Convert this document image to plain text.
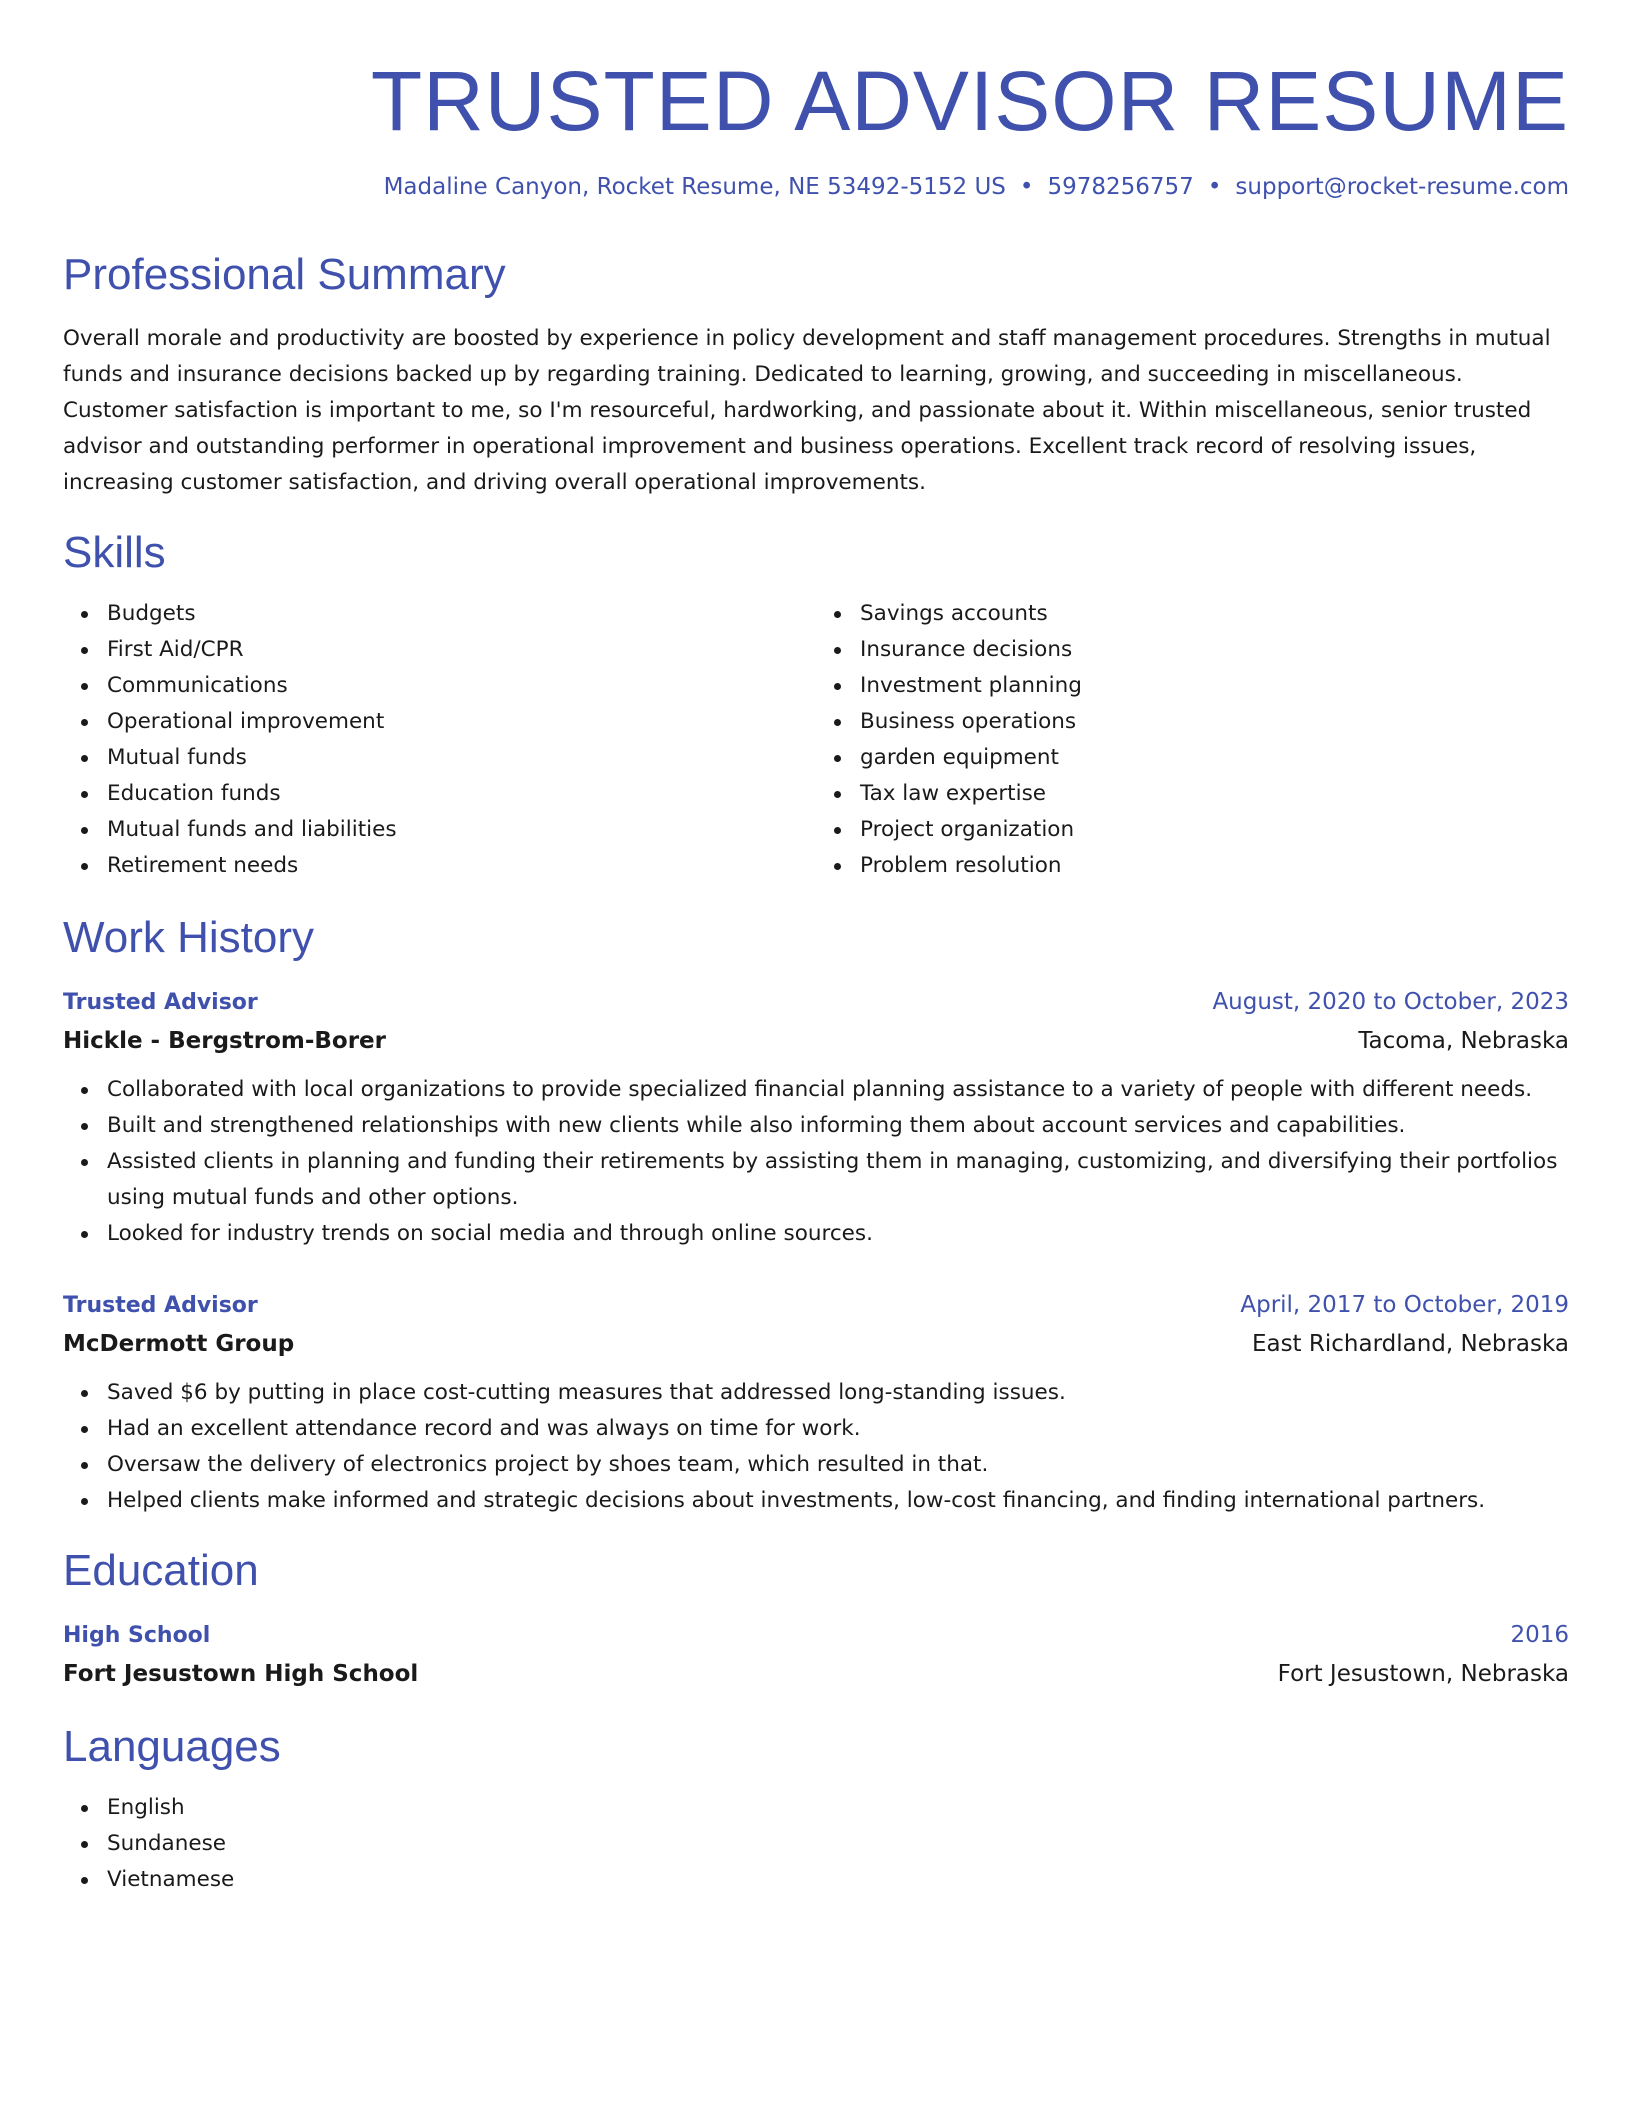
TRUSTED ADVISOR RESUME
Madaline Canyon, Rocket Resume, NE 53492-5152 US • 5978256757 • support@rocket-resume.com
Professional Summary

Overall morale and productivity are boosted by experience in policy development and staff management procedures. Strengths in mutual funds and insurance decisions backed up by regarding training. Dedicated to learning, growing, and succeeding in miscellaneous. Customer satisfaction is important to me, so I'm resourceful, hardworking, and passionate about it. Within miscellaneous, senior trusted advisor and outstanding performer in operational improvement and business operations. Excellent track record of resolving issues, increasing customer satisfaction, and driving overall operational improvements.

Skills
Budgets
First Aid/CPR
Communications
Operational improvement
Mutual funds
Education funds
Mutual funds and liabilities
Retirement needs
Savings accounts
Insurance decisions
Investment planning
Business operations
garden equipment
Tax law expertise
Project organization
Problem resolution
Work History
Trusted Advisor	August, 2020 to October, 2023
Hickle - Bergstrom-Borer	Tacoma, Nebraska
Collaborated with local organizations to provide specialized financial planning assistance to a variety of people with different needs.
Built and strengthened relationships with new clients while also informing them about account services and capabilities.
Assisted clients in planning and funding their retirements by assisting them in managing, customizing, and diversifying their portfolios using mutual funds and other options.
Looked for industry trends on social media and through online sources.
Trusted Advisor	April, 2017 to October, 2019
McDermott Group	East Richardland, Nebraska
Saved $6 by putting in place cost-cutting measures that addressed long-standing issues.
Had an excellent attendance record and was always on time for work.
Oversaw the delivery of electronics project by shoes team, which resulted in that.
Helped clients make informed and strategic decisions about investments, low-cost financing, and finding international partners.
Education
High School	2016
Fort Jesustown High School	Fort Jesustown, Nebraska
Languages
English
Sundanese
Vietnamese
